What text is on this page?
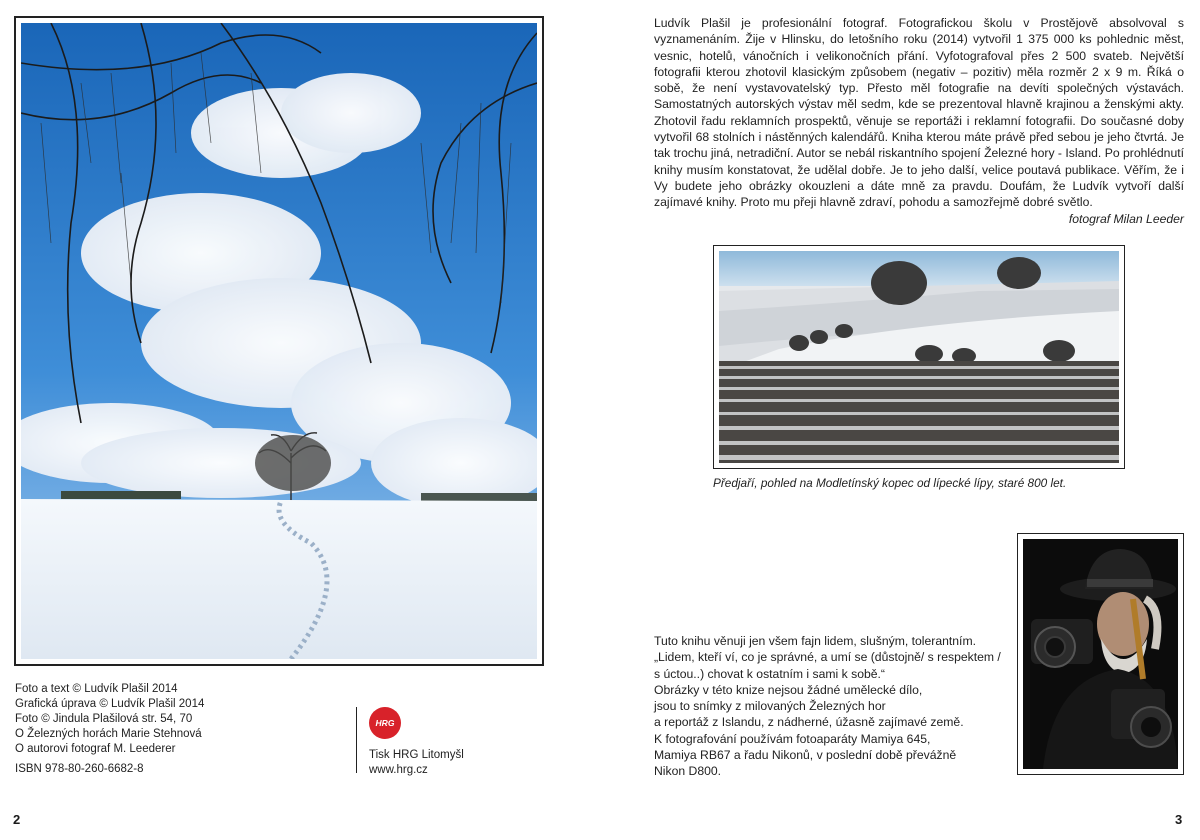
Foto a text © Ludvík Plašil 2014
Grafická úprava © Ludvík Plašil 2014
Foto © Jindula Plašilová str. 54, 70
O Železných horách Marie Stehnová
O autorovi fotograf M. Leederer
ISBN 978-80-260-6682-8
HRG
Tisk HRG Litomyšl
www.hrg.cz
2
Ludvík Plašil je profesionální fotograf. Fotografickou školu v Prostějově absolvoval s vyznamenáním. Žije v Hlinsku, do letošního roku (2014) vytvořil 1 375 000 ks pohlednic měst, vesnic, hotelů, vánočních i velikonočních přání. Vyfotografoval přes 2 500 svateb. Největší fotografii kterou zhotovil klasickým způsobem (negativ – pozitiv) měla rozměr 2 x 9 m. Říká o sobě, že není vystavovatelský typ. Přesto měl fotografie na devíti společných výstavách. Samostatných autorských výstav měl sedm, kde se prezentoval hlavně krajinou a ženskými akty. Zhotovil řadu reklamních prospektů, věnuje se reportáži i reklamní fotografii. Do současné doby vytvořil 68 stolních i nástěnných kalendářů. Kniha kterou máte právě před sebou je jeho čtvrtá. Je tak trochu jiná, netradiční. Autor se nebál riskantního spojení Železné hory - Island. Po prohlédnutí knihy musím konstatovat, že udělal dobře. Je to jeho další, velice poutavá publikace. Věřím, že i Vy budete jeho obrázky okouzleni a dáte mně za pravdu. Doufám, že Ludvík vytvoří další zajímavé knihy. Proto mu přeji hlavně zdraví, pohodu a samozřejmě dobré světlo.
fotograf Milan Leeder
Předjaří, pohled na Modletínský kopec od lípecké lípy, staré 800 let.
Tuto knihu věnuji jen všem fajn lidem, slušným, tolerantním.
„Lidem, kteří ví, co je správné, a umí se (důstojně/ s respektem /
s úctou..) chovat k ostatním i sami k sobě.“
Obrázky v této knize nejsou žádné umělecké dílo,
jsou to snímky z milovaných Železných hor
a reportáž z Islandu, z nádherné, úžasně zajímavé země.
K fotografování používám fotoaparáty Mamiya 645,
Mamiya RB67 a řadu Nikonů, v poslední době převážně
Nikon D800.
3
